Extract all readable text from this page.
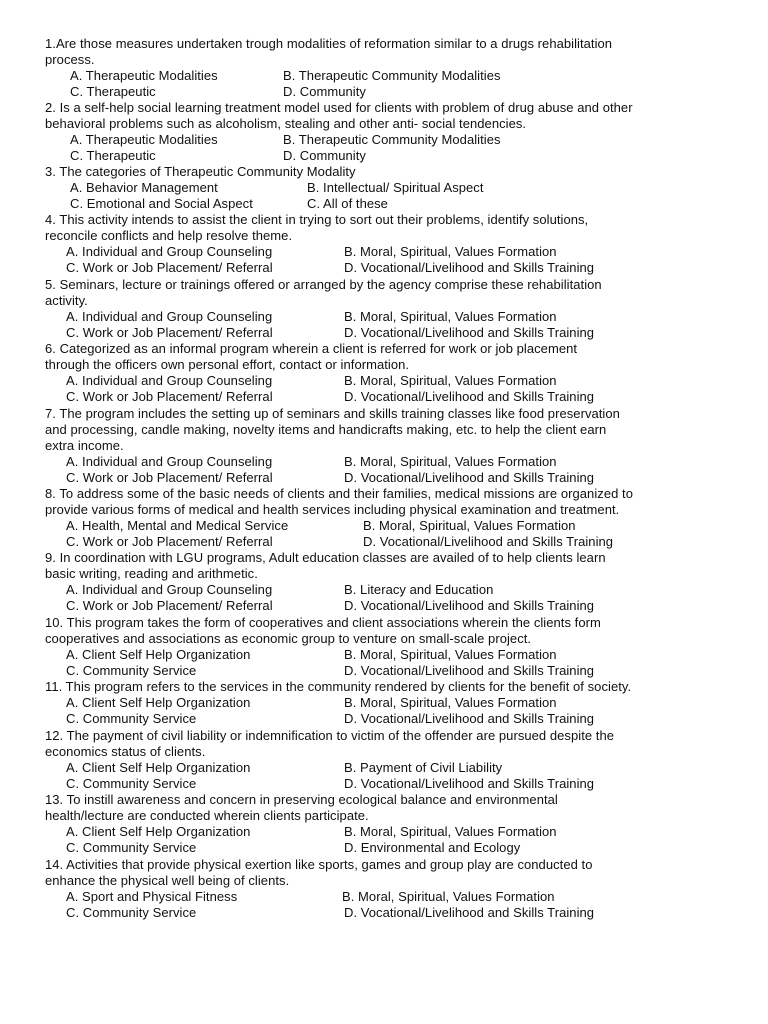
1.Are those measures undertaken trough modalities of reformation similar to a drugs rehabilitation
process.
A. Therapeutic Modalities	B. Therapeutic Community Modalities
C. Therapeutic	D. Community
2. Is a self-help social learning treatment model used for clients with problem of drug abuse and other
behavioral problems such as alcoholism, stealing and other anti- social tendencies.
A. Therapeutic Modalities	B. Therapeutic Community Modalities
C. Therapeutic	D. Community
3. The categories of Therapeutic Community Modality
A. Behavior Management	B. Intellectual/ Spiritual Aspect
C. Emotional and Social Aspect	C. All of these
4. This activity intends to assist the client in trying to sort out their problems, identify solutions,
reconcile conflicts and help resolve theme.
A. Individual and Group Counseling	B. Moral, Spiritual, Values Formation
C. Work or Job Placement/ Referral	D. Vocational/Livelihood and Skills Training
5. Seminars, lecture or trainings offered or arranged by the agency comprise these rehabilitation
activity.
A. Individual and Group Counseling	B. Moral, Spiritual, Values Formation
C. Work or Job Placement/ Referral	D. Vocational/Livelihood and Skills Training
6. Categorized as an informal program wherein a client is referred for work or job placement
through the officers own personal effort, contact or information.
A. Individual and Group Counseling	B. Moral, Spiritual, Values Formation
C. Work or Job Placement/ Referral	D. Vocational/Livelihood and Skills Training
7. The program includes the setting up of seminars and skills training classes like food preservation
and processing, candle making, novelty items and handicrafts making, etc. to help the client earn
extra income.
A. Individual and Group Counseling	B. Moral, Spiritual, Values Formation
C. Work or Job Placement/ Referral	D. Vocational/Livelihood and Skills Training
8. To address some of the basic needs of clients and their families, medical missions are organized to
provide various forms of medical and health services including physical examination and treatment.
A. Health, Mental and Medical Service	B. Moral, Spiritual, Values Formation
C. Work or Job Placement/ Referral	D. Vocational/Livelihood and Skills Training
9. In coordination with LGU programs, Adult education classes are availed of to help clients learn
basic writing, reading and arithmetic.
A. Individual and Group Counseling	B. Literacy and Education
C. Work or Job Placement/ Referral	D. Vocational/Livelihood and Skills Training
10. This program takes the form of cooperatives and client associations wherein the clients form
cooperatives and associations as economic group to venture on small-scale project.
A. Client Self Help Organization	B. Moral, Spiritual, Values Formation
C. Community Service	D. Vocational/Livelihood and Skills Training
11. This program refers to the services in the community rendered by clients for the benefit of society.
A. Client Self Help Organization	B. Moral, Spiritual, Values Formation
C. Community Service	D. Vocational/Livelihood and Skills Training
12. The payment of civil liability or indemnification to victim of the offender are pursued despite the
economics status of clients.
A. Client Self Help Organization	B. Payment of Civil Liability
C. Community Service	D. Vocational/Livelihood and Skills Training
13. To instill awareness and concern in preserving ecological balance and environmental
health/lecture are conducted wherein clients participate.
A. Client Self Help Organization	B. Moral, Spiritual, Values Formation
C. Community Service	D. Environmental and Ecology
14. Activities that provide physical exertion like sports, games and group play are conducted to
enhance the physical well being of clients.
A. Sport and Physical Fitness	B. Moral, Spiritual, Values Formation
C. Community Service	D. Vocational/Livelihood and Skills Training
